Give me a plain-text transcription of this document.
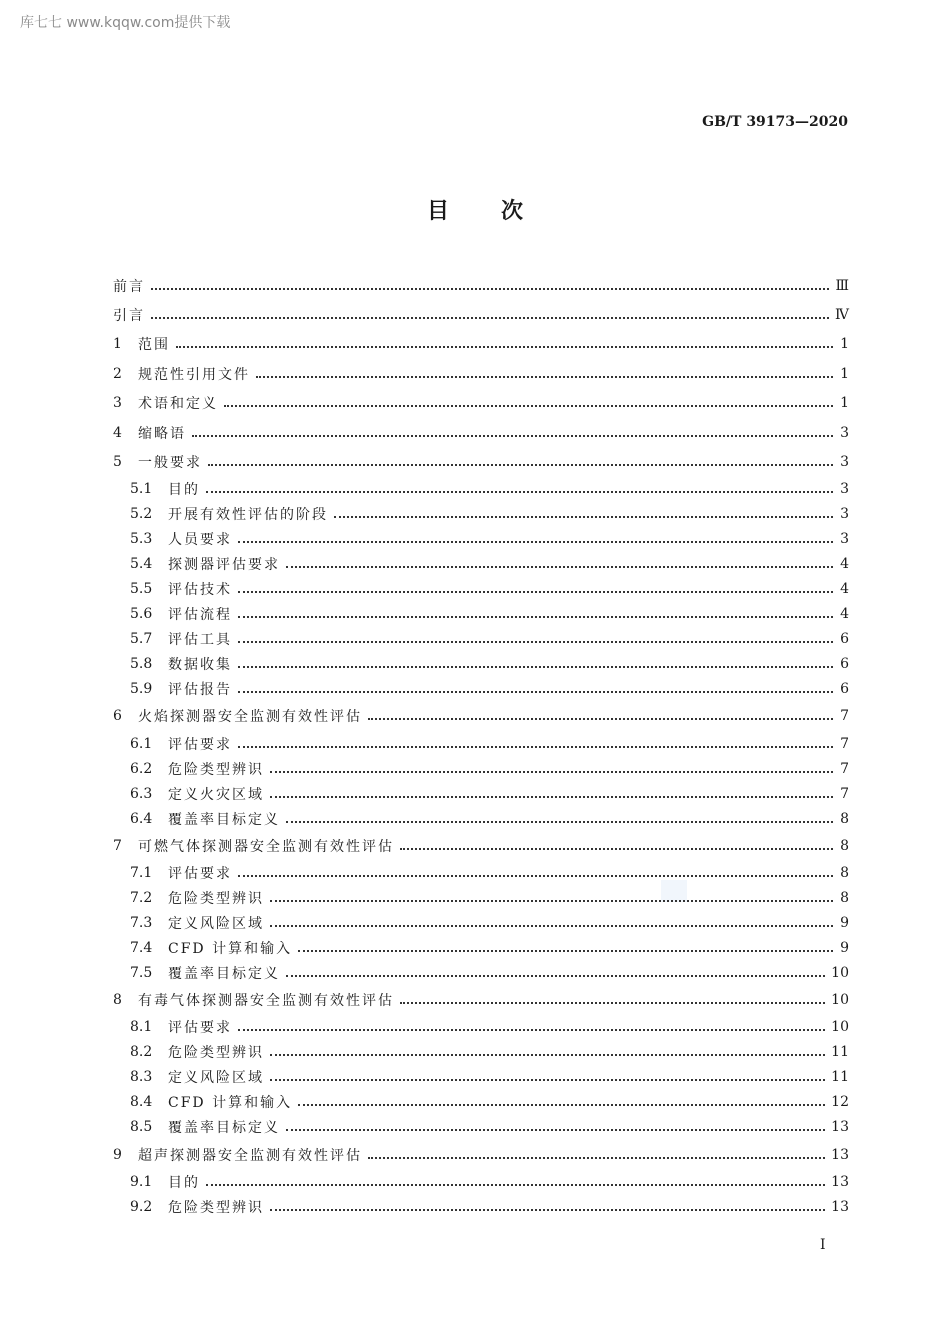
库七七 www.kqqw.com提供下载
GB/T 39173—2020
目次
前言	Ⅲ
引言	Ⅳ
1	范围	1
2	规范性引用文件	1
3	术语和定义	1
4	缩略语	3
5	一般要求	3
5.1	目的	3
5.2	开展有效性评估的阶段	3
5.3	人员要求	3
5.4	探测器评估要求	4
5.5	评估技术	4
5.6	评估流程	4
5.7	评估工具	6
5.8	数据收集	6
5.9	评估报告	6
6	火焰探测器安全监测有效性评估	7
6.1	评估要求	7
6.2	危险类型辨识	7
6.3	定义火灾区域	7
6.4	覆盖率目标定义	8
7	可燃气体探测器安全监测有效性评估	8
7.1	评估要求	8
7.2	危险类型辨识	8
7.3	定义风险区域	9
7.4	CFD 计算和输入	9
7.5	覆盖率目标定义	10
8	有毒气体探测器安全监测有效性评估	10
8.1	评估要求	10
8.2	危险类型辨识	11
8.3	定义风险区域	11
8.4	CFD 计算和输入	12
8.5	覆盖率目标定义	13
9	超声探测器安全监测有效性评估	13
9.1	目的	13
9.2	危险类型辨识	13
I
